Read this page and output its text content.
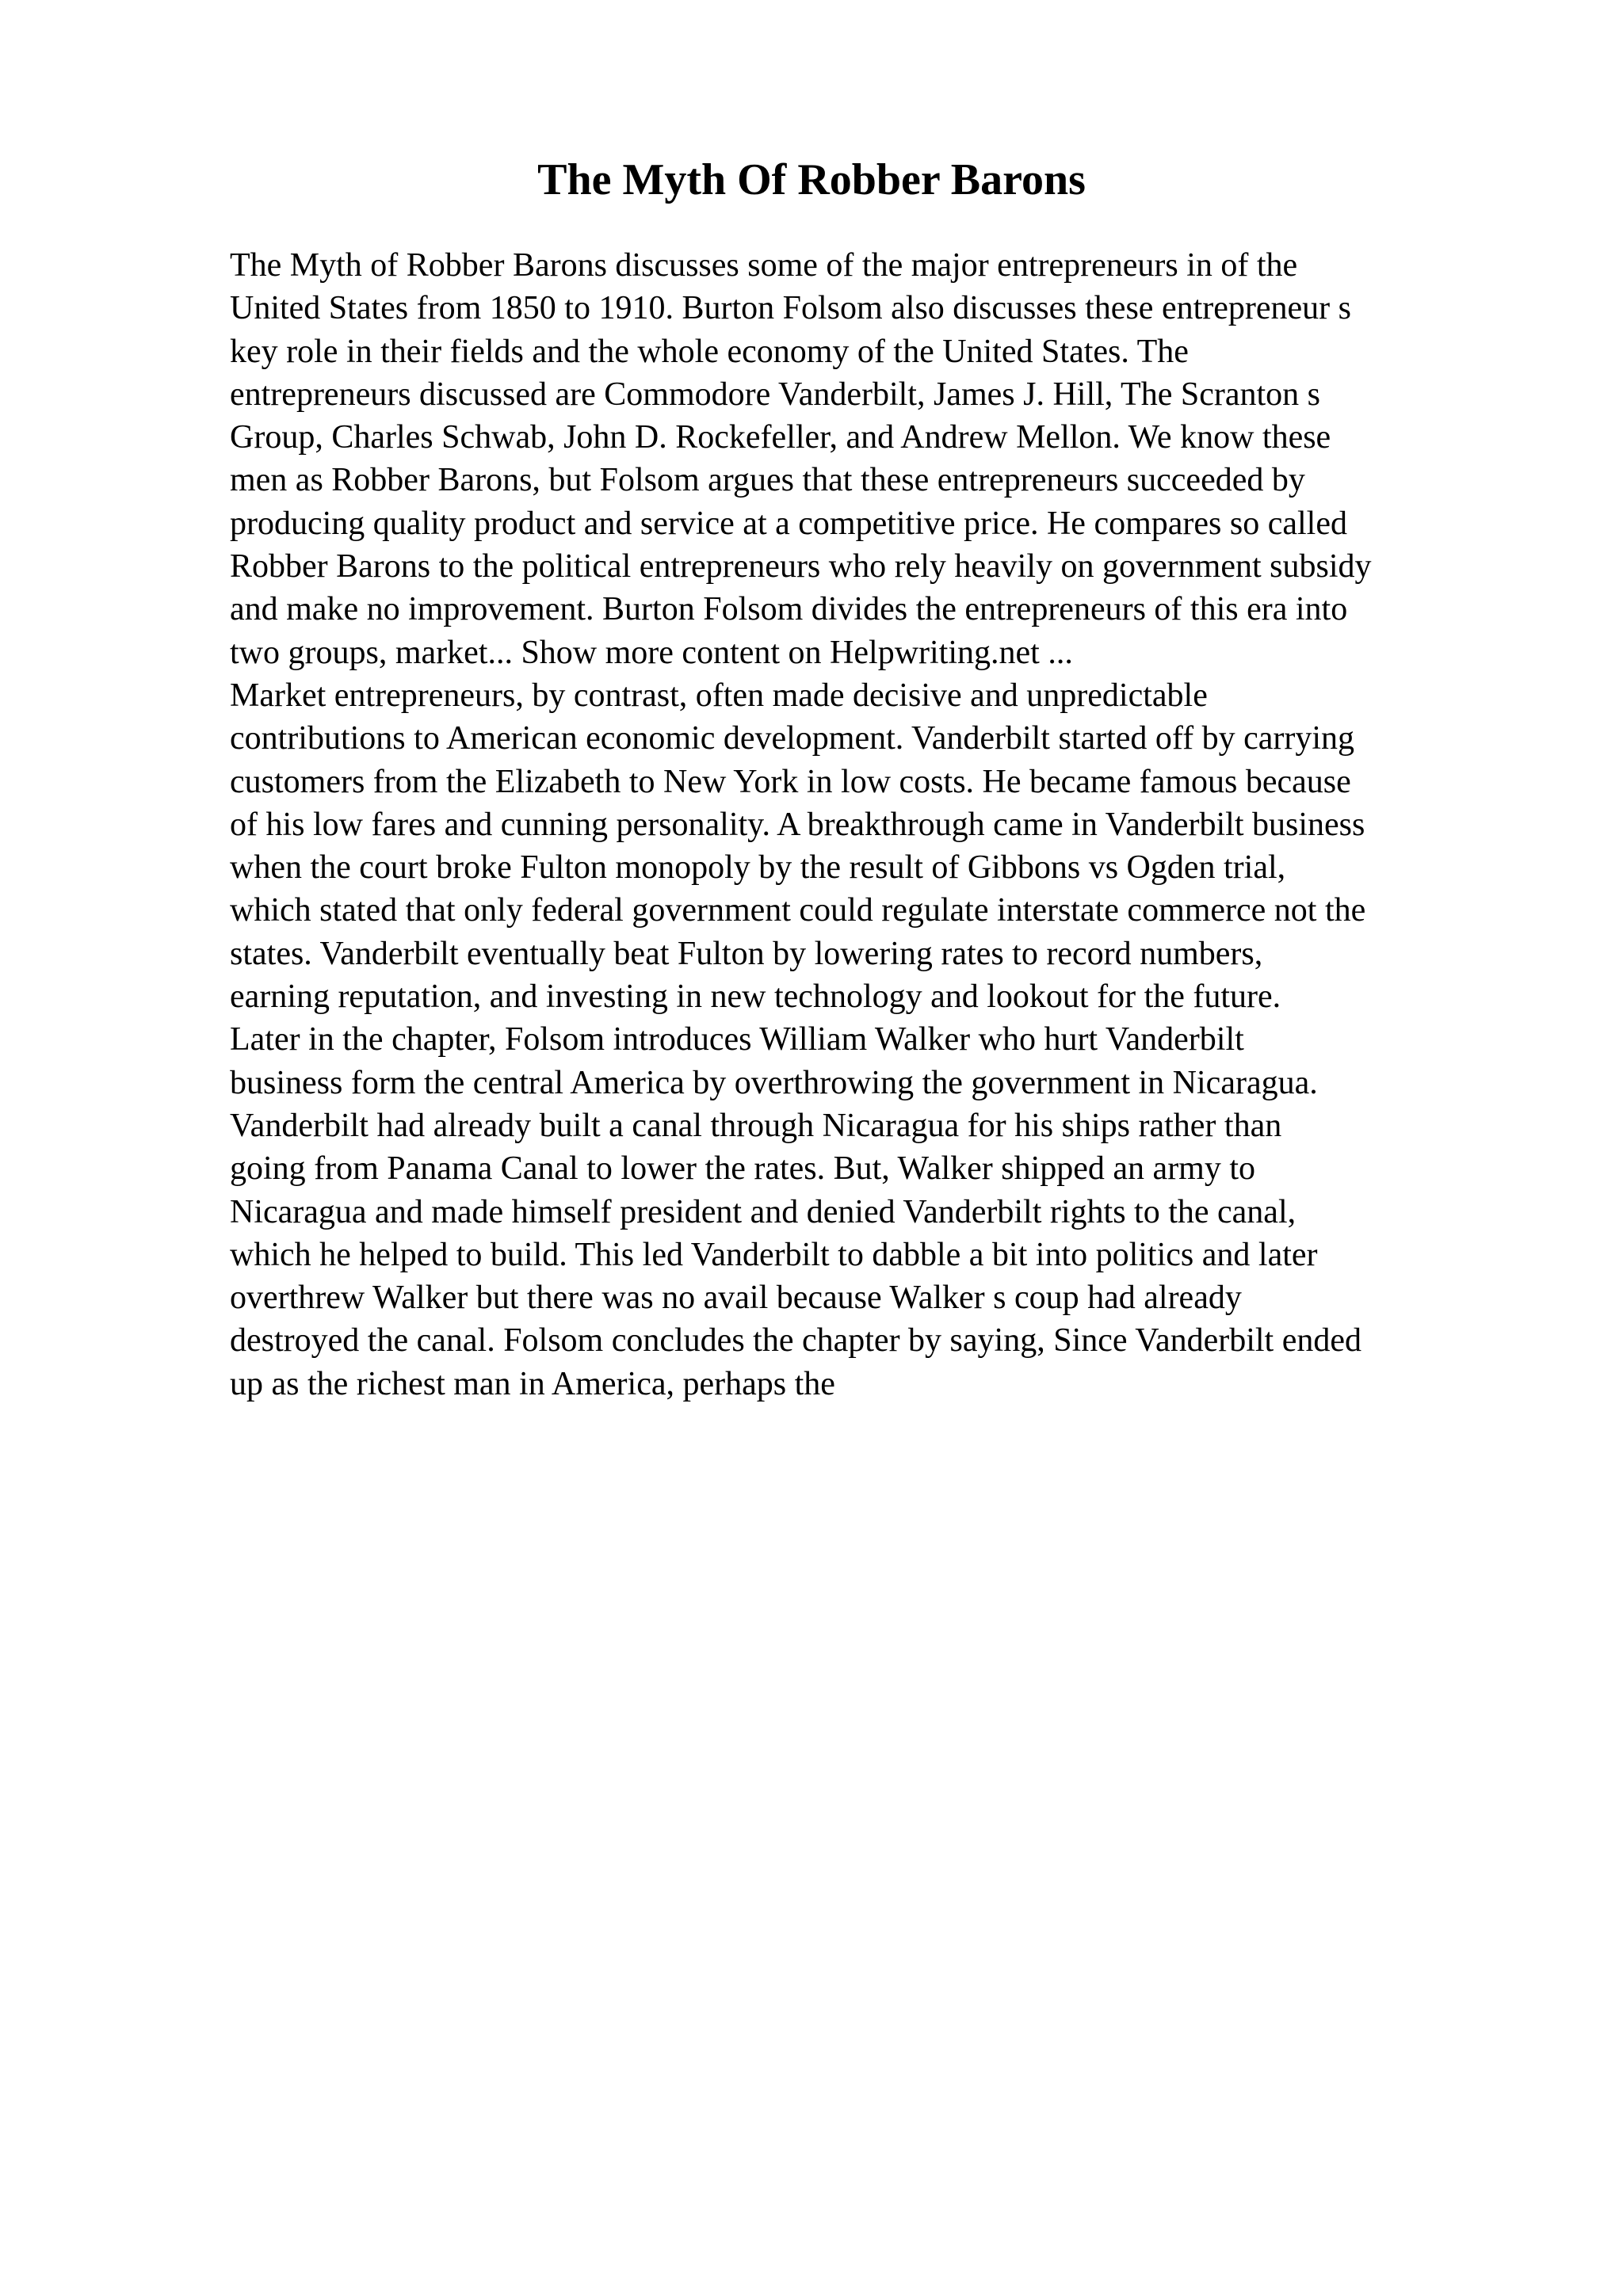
The Myth Of Robber Barons
The Myth of Robber Barons discusses some of the major entrepreneurs in of the
United States from 1850 to 1910. Burton Folsom also discusses these entrepreneur s
key role in their fields and the whole economy of the United States. The
entrepreneurs discussed are Commodore Vanderbilt, James J. Hill, The Scranton s
Group, Charles Schwab, John D. Rockefeller, and Andrew Mellon. We know these
men as Robber Barons, but Folsom argues that these entrepreneurs succeeded by
producing quality product and service at a competitive price. He compares so called
Robber Barons to the political entrepreneurs who rely heavily on government subsidy
and make no improvement. Burton Folsom divides the entrepreneurs of this era into
two groups, market... Show more content on Helpwriting.net ...
Market entrepreneurs, by contrast, often made decisive and unpredictable
contributions to American economic development. Vanderbilt started off by carrying
customers from the Elizabeth to New York in low costs. He became famous because
of his low fares and cunning personality. A breakthrough came in Vanderbilt business
when the court broke Fulton monopoly by the result of Gibbons vs Ogden trial,
which stated that only federal government could regulate interstate commerce not the
states. Vanderbilt eventually beat Fulton by lowering rates to record numbers,
earning reputation, and investing in new technology and lookout for the future.
Later in the chapter, Folsom introduces William Walker who hurt Vanderbilt
business form the central America by overthrowing the government in Nicaragua.
Vanderbilt had already built a canal through Nicaragua for his ships rather than
going from Panama Canal to lower the rates. But, Walker shipped an army to
Nicaragua and made himself president and denied Vanderbilt rights to the canal,
which he helped to build. This led Vanderbilt to dabble a bit into politics and later
overthrew Walker but there was no avail because Walker s coup had already
destroyed the canal. Folsom concludes the chapter by saying, Since Vanderbilt ended
up as the richest man in America, perhaps the
